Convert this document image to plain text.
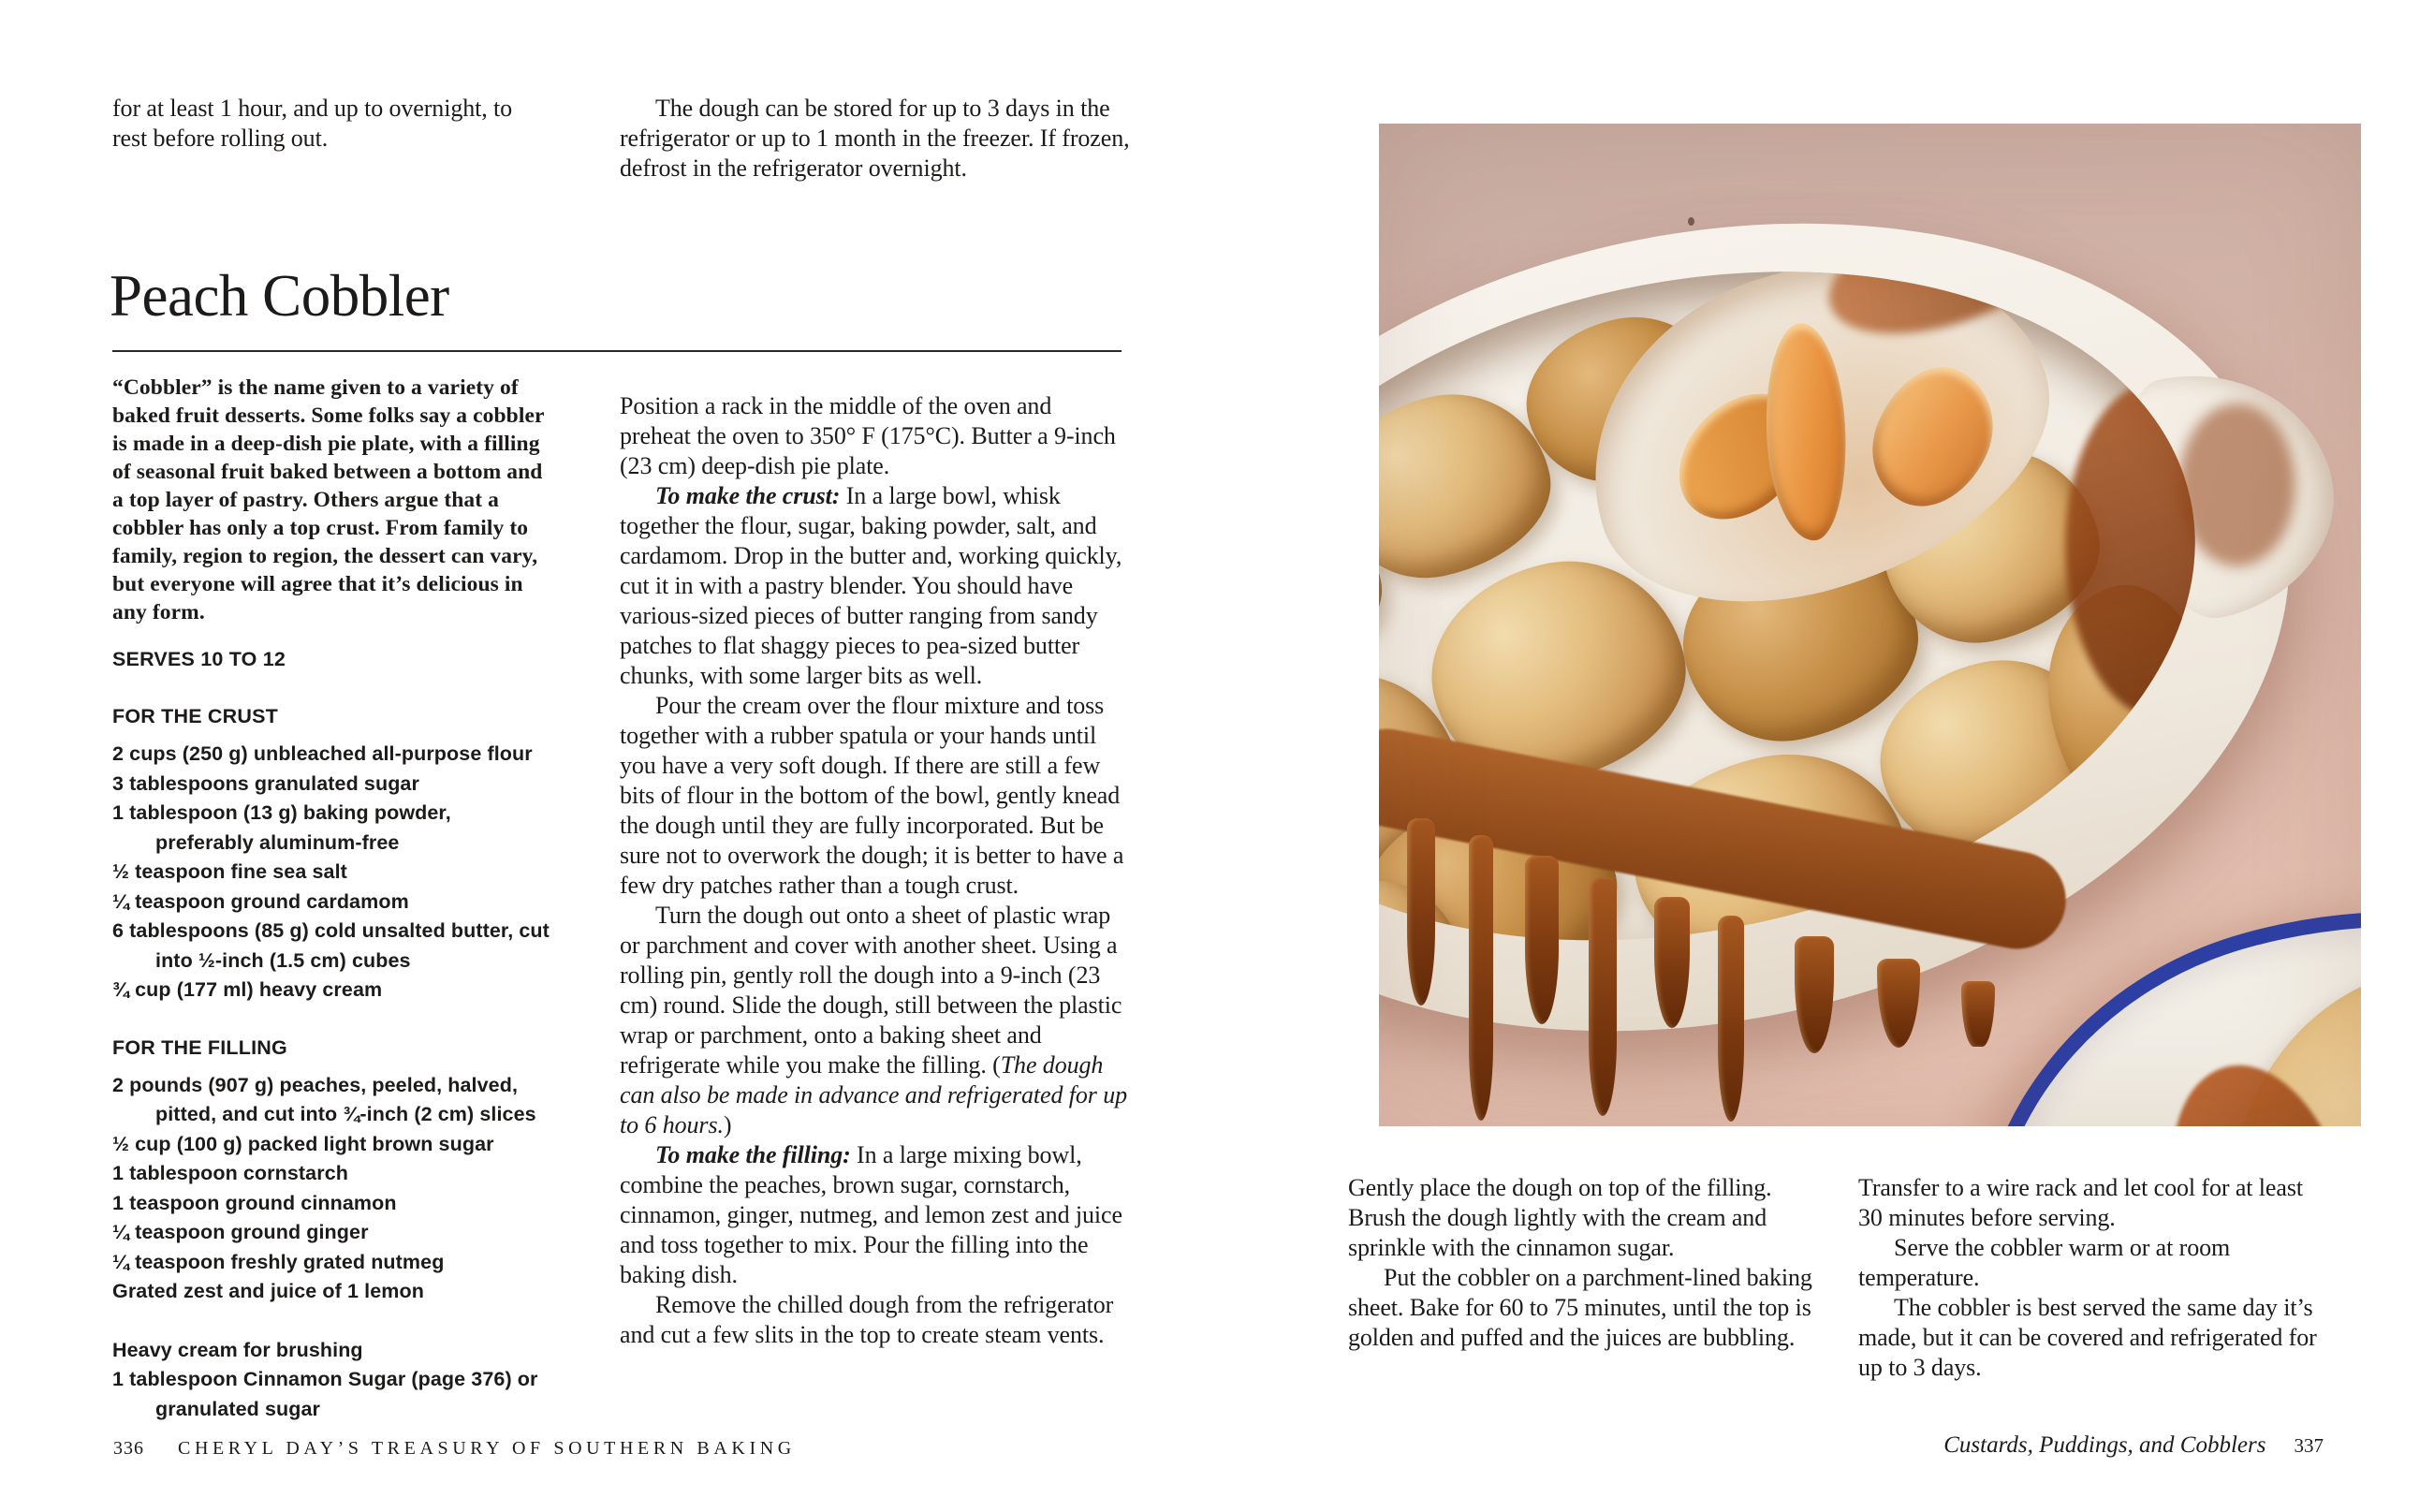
for at least 1 hour, and up to overnight, to rest before rolling out.

The dough can be stored for up to 3 days in the refrigerator or up to 1 month in the freezer. If frozen, defrost in the refrigerator overnight.

Peach Cobbler

“Cobbler” is the name given to a variety of baked fruit desserts. Some folks say a cobbler is made in a deep-dish pie plate, with a filling of seasonal fruit baked between a bottom and a top layer of pastry. Others argue that a cobbler has only a top crust. From family to family, region to region, the dessert can vary, but everyone will agree that it’s delicious in any form.

SERVES 10 TO 12

FOR THE CRUST

2 cups (250 g) unbleached all-purpose flour

3 tablespoons granulated sugar

1 tablespoon (13 g) baking powder, preferably aluminum-free

½ teaspoon fine sea salt

¼ teaspoon ground cardamom

6 tablespoons (85 g) cold unsalted butter, cut into ½-inch (1.5 cm) cubes

¾ cup (177 ml) heavy cream

FOR THE FILLING

2 pounds (907 g) peaches, peeled, halved, pitted, and cut into ¾-inch (2 cm) slices

½ cup (100 g) packed light brown sugar

1 tablespoon cornstarch

1 teaspoon ground cinnamon

¼ teaspoon ground ginger

¼ teaspoon freshly grated nutmeg

Grated zest and juice of 1 lemon

Heavy cream for brushing

1 tablespoon Cinnamon Sugar (page 376) or granulated sugar

Position a rack in the middle of the oven and preheat the oven to 350° F (175°C). Butter a 9-inch (23 cm) deep-dish pie plate.

To make the crust: In a large bowl, whisk together the flour, sugar, baking powder, salt, and cardamom. Drop in the butter and, working quickly, cut it in with a pastry blender. You should have various-sized pieces of butter ranging from sandy patches to flat shaggy pieces to pea-sized butter chunks, with some larger bits as well.

Pour the cream over the flour mixture and toss together with a rubber spatula or your hands until you have a very soft dough. If there are still a few bits of flour in the bottom of the bowl, gently knead the dough until they are fully incorporated. But be sure not to overwork the dough; it is better to have a few dry patches rather than a tough crust.

Turn the dough out onto a sheet of plastic wrap or parchment and cover with another sheet. Using a rolling pin, gently roll the dough into a 9-inch (23 cm) round. Slide the dough, still between the plastic wrap or parchment, onto a baking sheet and refrigerate while you make the filling. (The dough can also be made in advance and refrigerated for up to 6 hours.)

To make the filling: In a large mixing bowl, combine the peaches, brown sugar, cornstarch, cinnamon, ginger, nutmeg, and lemon zest and juice and toss together to mix. Pour the filling into the baking dish.

Remove the chilled dough from the refrigerator and cut a few slits in the top to create steam vents.

336 CHERYL DAY’S TREASURY OF SOUTHERN BAKING

Gently place the dough on top of the filling. Brush the dough lightly with the cream and sprinkle with the cinnamon sugar.

Put the cobbler on a parchment-lined baking sheet. Bake for 60 to 75 minutes, until the top is golden and puffed and the juices are bubbling.

Transfer to a wire rack and let cool for at least 30 minutes before serving.

Serve the cobbler warm or at room temperature.

The cobbler is best served the same day it’s made, but it can be covered and refrigerated for up to 3 days.

Custards, Puddings, and Cobblers 337
